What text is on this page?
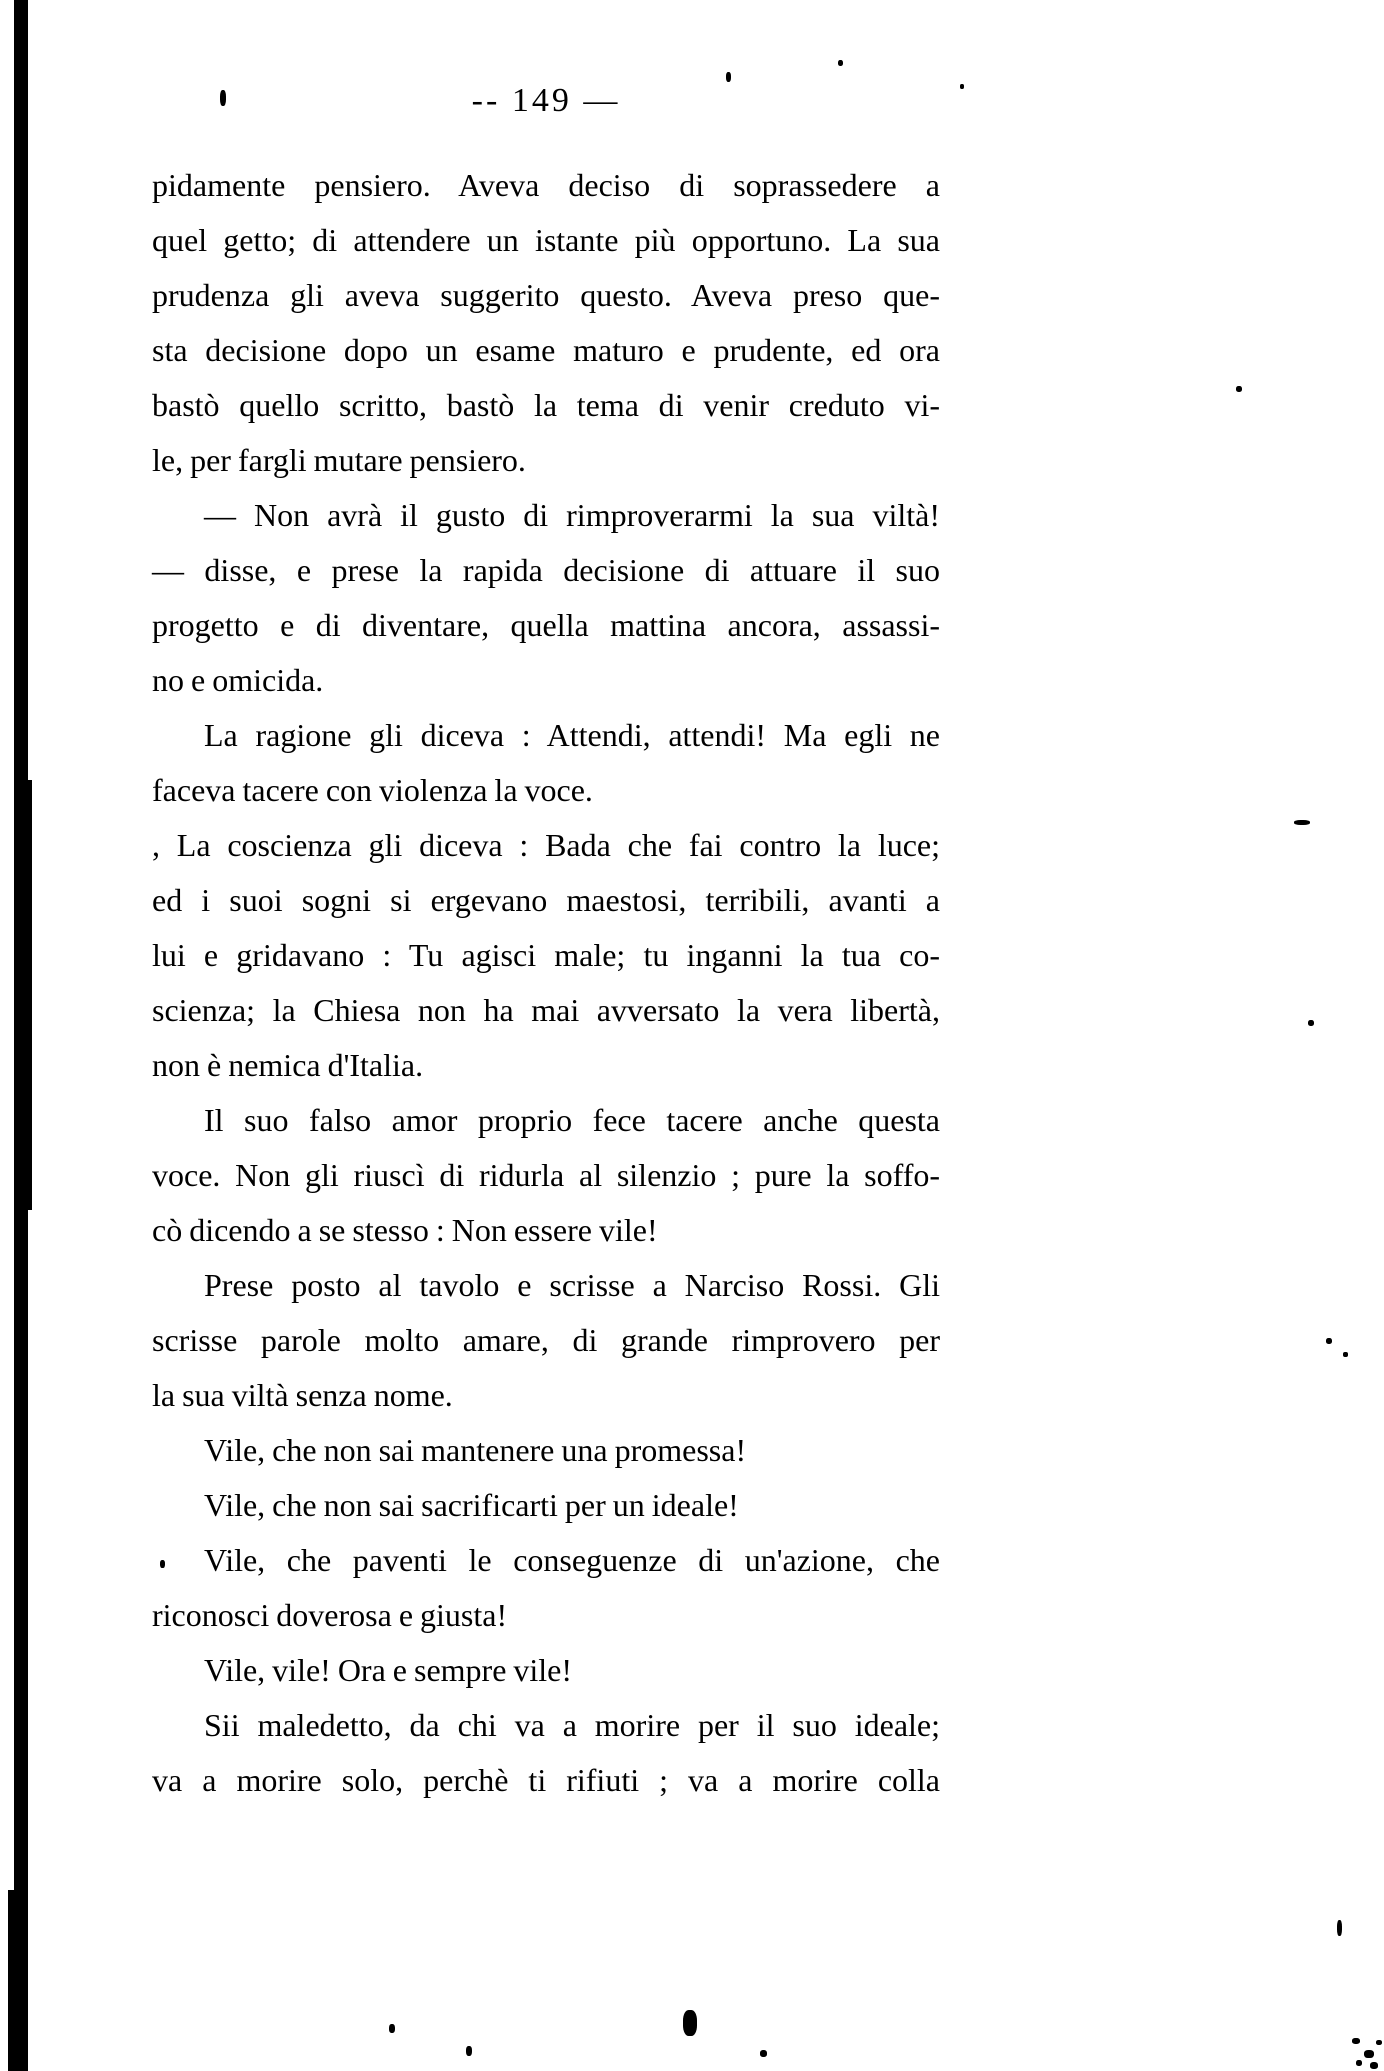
-- 149 —
pidamente pensiero. Aveva deciso di soprassedere a
quel getto; di attendere un istante più opportuno. La sua
prudenza gli aveva suggerito questo. Aveva preso que-
sta decisione dopo un esame maturo e prudente, ed ora
bastò quello scritto, bastò la tema di venir creduto vi-
le, per fargli mutare pensiero.
— Non avrà il gusto di rimproverarmi la sua viltà!
— disse, e prese la rapida decisione di attuare il suo
progetto e di diventare, quella mattina ancora, assassi-
no e omicida.
La ragione gli diceva : Attendi, attendi! Ma egli ne
faceva tacere con violenza la voce.
, La coscienza gli diceva : Bada che fai contro la luce;
ed i suoi sogni si ergevano maestosi, terribili, avanti a
lui e gridavano : Tu agisci male; tu inganni la tua co-
scienza; la Chiesa non ha mai avversato la vera libertà,
non è nemica d'Italia.
Il suo falso amor proprio fece tacere anche questa
voce. Non gli riuscì di ridurla al silenzio ; pure la soffo-
cò dicendo a se stesso : Non essere vile!
Prese posto al tavolo e scrisse a Narciso Rossi. Gli
scrisse parole molto amare, di grande rimprovero per
la sua viltà senza nome.
Vile, che non sai mantenere una promessa!
Vile, che non sai sacrificarti per un ideale!
Vile, che paventi le conseguenze di un'azione, che
riconosci doverosa e giusta!
Vile, vile! Ora e sempre vile!
Sii maledetto, da chi va a morire per il suo ideale;
va a morire solo, perchè ti rifiuti ; va a morire colla
